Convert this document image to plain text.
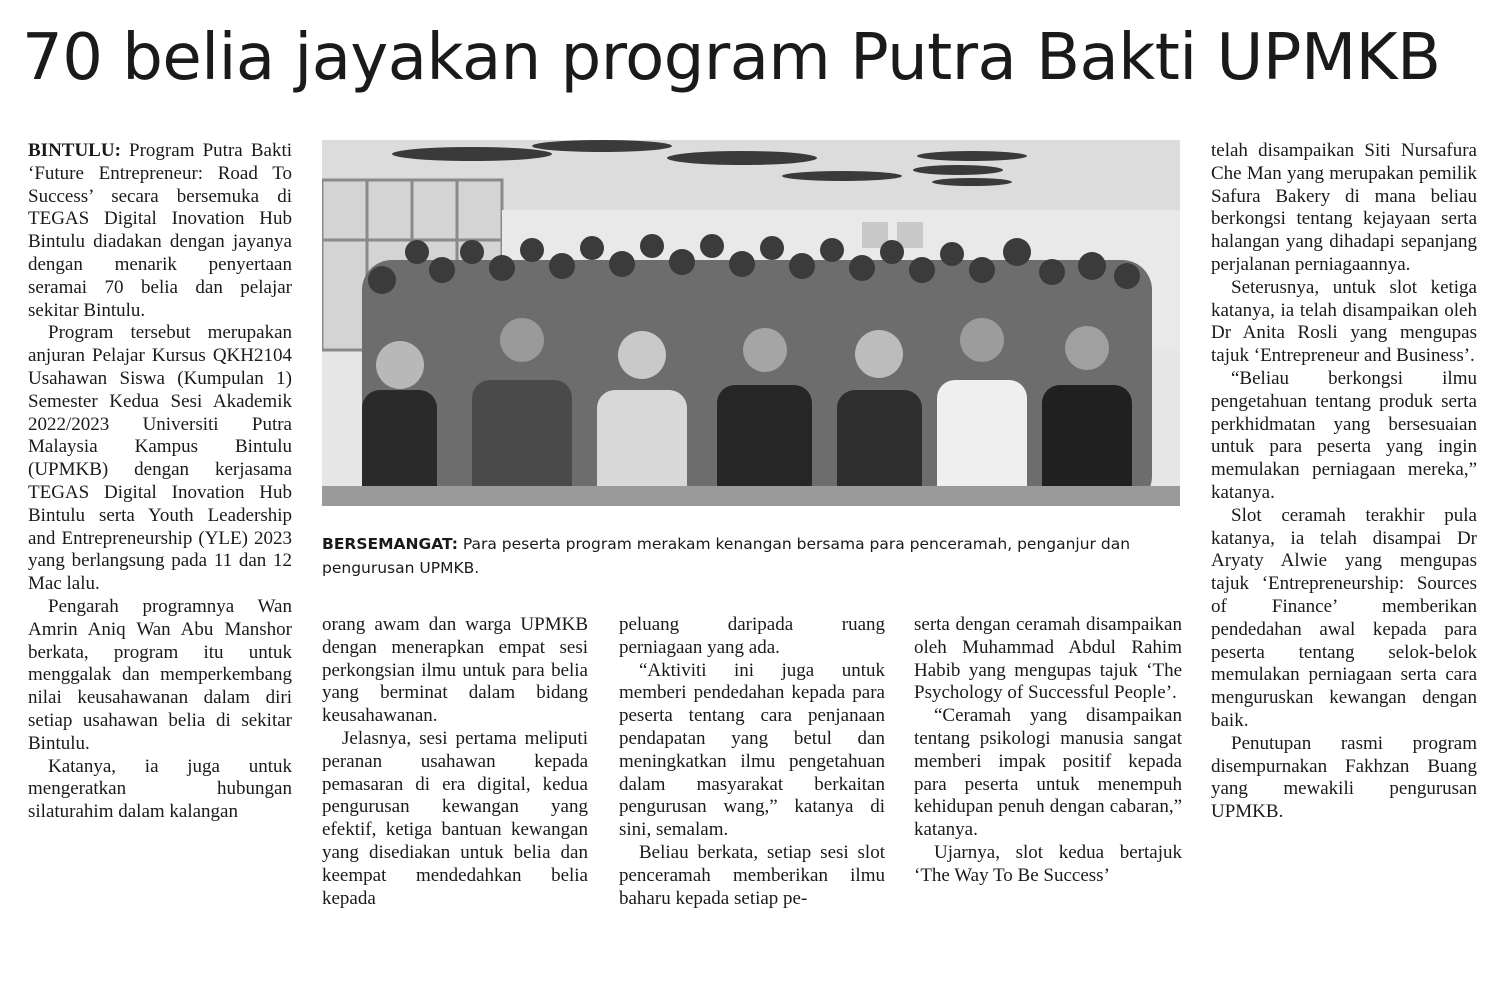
70 belia jayakan program Putra Bakti UPMKB

BINTULU: Program Putra Bakti ‘Future Entrepreneur: Road To Success’ secara bersemuka di TEGAS Digital Inovation Hub Bintulu diadakan dengan jayanya dengan menarik penyertaan seramai 70 belia dan pelajar sekitar Bintulu.

Program tersebut merupakan anjuran Pelajar Kursus QKH2104 Usahawan Siswa (Kumpulan 1) Semester Kedua Sesi Akademik 2022/2023 Universiti Putra Malaysia Kampus Bintulu (UPMKB) dengan kerjasama TEGAS Digital Inovation Hub Bintulu serta Youth Leadership and Entrepreneurship (YLE) 2023 yang berlangsung pada 11 dan 12 Mac lalu.

Pengarah programnya Wan Amrin Aniq Wan Abu Manshor berkata, program itu untuk menggalak dan memperkembang nilai keusahawanan dalam diri setiap usahawan belia di sekitar Bintulu.

Katanya, ia juga untuk mengeratkan hubungan silaturahim dalam kalangan

BERSEMANGAT: Para peserta program merakam kenangan bersama para penceramah, penganjur dan pengurusan UPMKB.

orang awam dan warga UPMKB dengan menerapkan empat sesi perkongsian ilmu untuk para belia yang berminat dalam bidang keusahawanan.

Jelasnya, sesi pertama meliputi peranan usahawan kepada pemasaran di era digital, kedua pengurusan kewangan yang efektif, ketiga bantuan kewangan yang disediakan untuk belia dan keempat mendedahkan belia kepada

peluang daripada ruang perniagaan yang ada.

“Aktiviti ini juga untuk memberi pendedahan kepada para peserta tentang cara penjanaan pendapatan yang betul dan meningkatkan ilmu pengetahuan dalam masyarakat berkaitan pengurusan wang,” katanya di sini, semalam.

Beliau berkata, setiap sesi slot penceramah memberikan ilmu baharu kepada setiap pe-

serta dengan ceramah disampaikan oleh Muhammad Abdul Rahim Habib yang mengupas tajuk ‘The Psychology of Successful People’.

“Ceramah yang disampaikan tentang psikologi manusia sangat memberi impak positif kepada para peserta untuk menempuh kehidupan penuh dengan cabaran,” katanya.

Ujarnya, slot kedua bertajuk ‘The Way To Be Success’

telah disampaikan Siti Nursafura Che Man yang merupakan pemilik Safura Bakery di mana beliau berkongsi tentang kejayaan serta halangan yang dihadapi sepanjang perjalanan perniagaannya.

Seterusnya, untuk slot ketiga katanya, ia telah disampaikan oleh Dr Anita Rosli yang mengupas tajuk ‘Entrepreneur and Business’.

“Beliau berkongsi ilmu pengetahuan tentang produk serta perkhidmatan yang bersesuaian untuk para peserta yang ingin memulakan perniagaan mereka,” katanya.

Slot ceramah terakhir pula katanya, ia telah disampai Dr Aryaty Alwie yang mengupas tajuk ‘Entrepreneurship: Sources of Finance’ memberikan pendedahan awal kepada para peserta tentang selok-belok memulakan perniagaan serta cara menguruskan kewangan dengan baik.

Penutupan rasmi program disempurnakan Fakhzan Buang yang mewakili pengurusan UPMKB.
